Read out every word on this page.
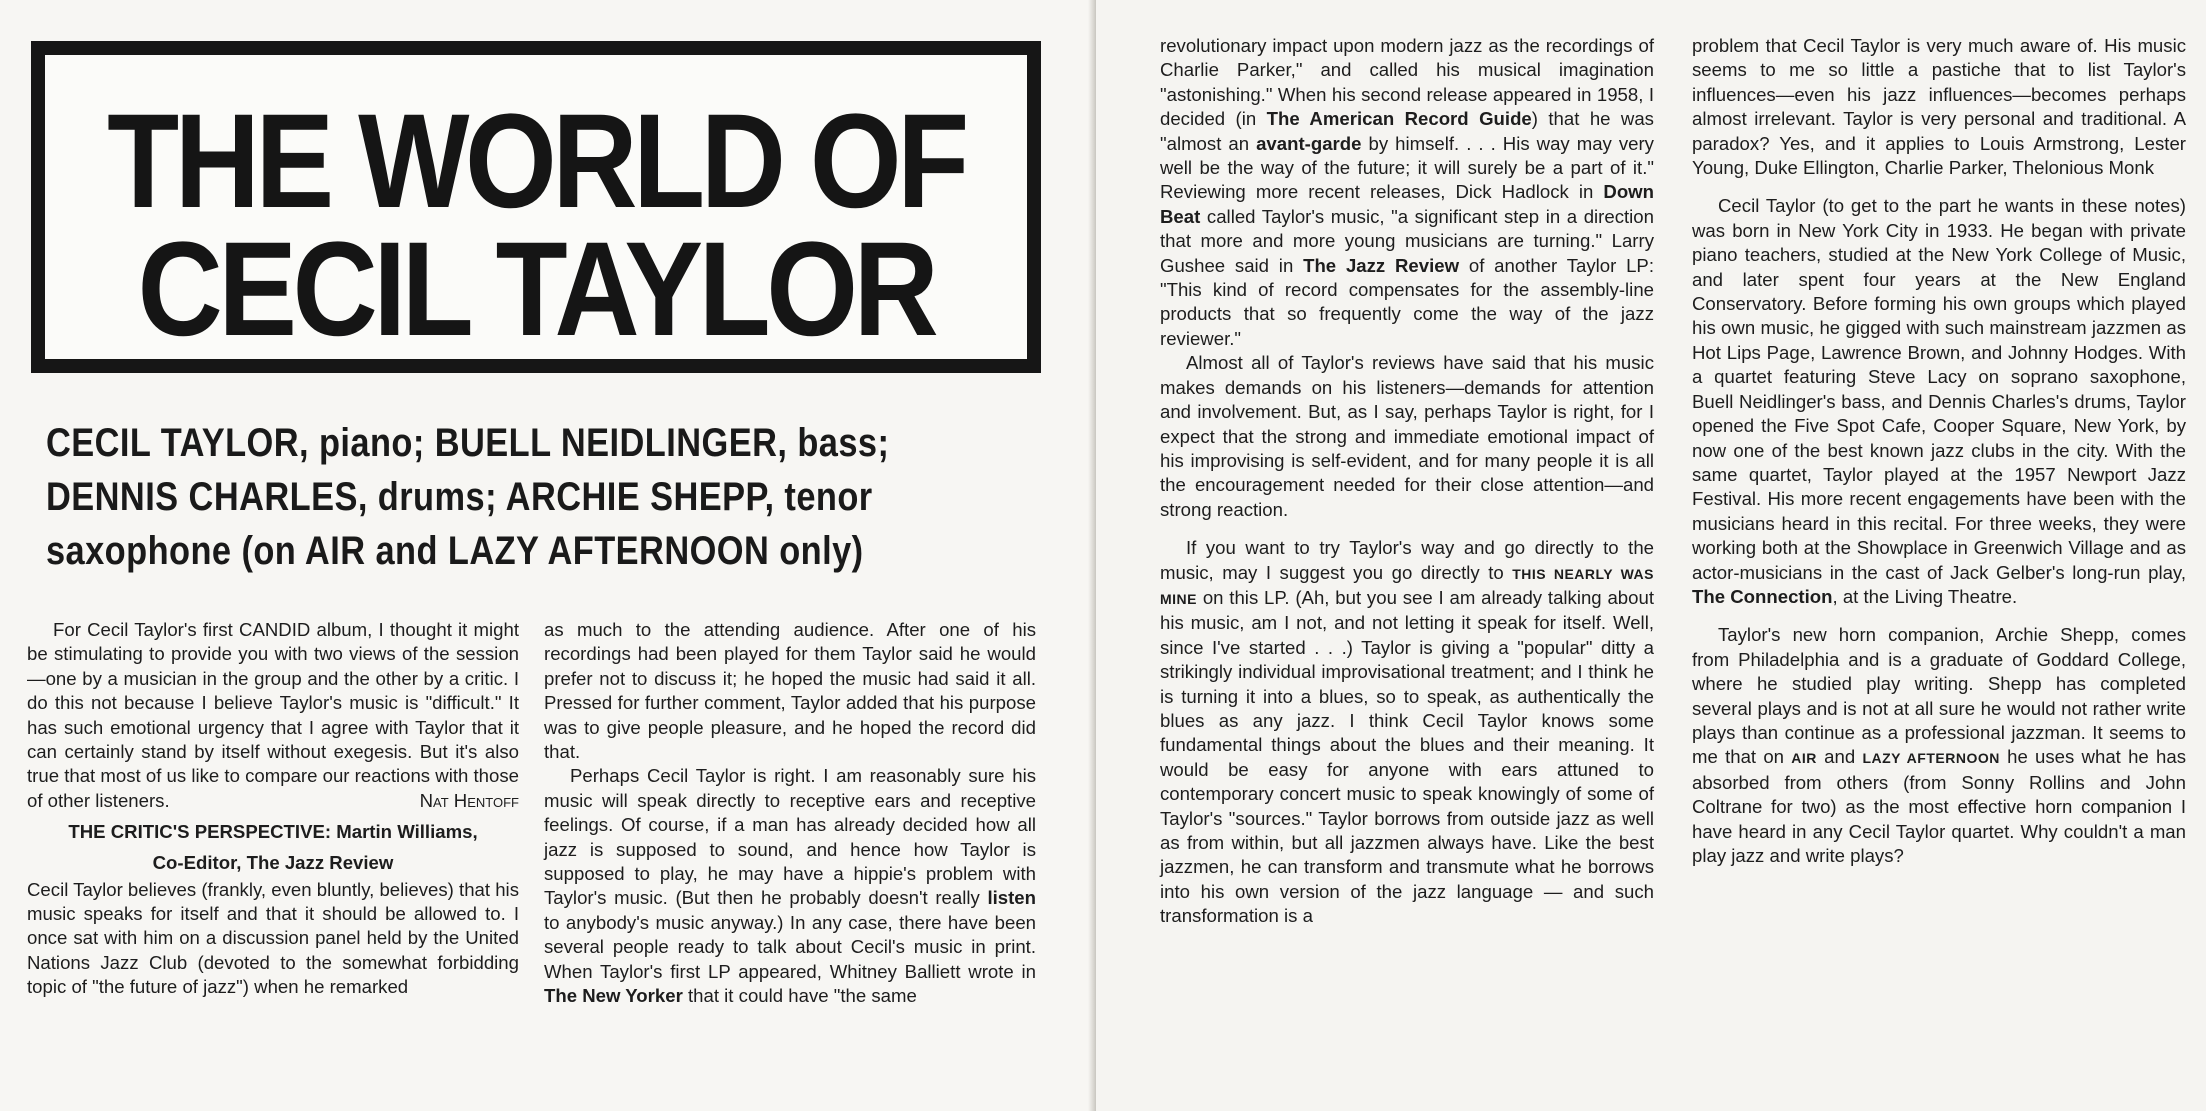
THE WORLD OF
CECIL TAYLOR
CECIL TAYLOR, piano; BUELL NEIDLINGER, bass;
DENNIS CHARLES, drums; ARCHIE SHEPP, tenor
saxophone (on AIR and LAZY AFTERNOON only)

For Cecil Taylor's first CANDID album, I thought it might be stimulating to provide you with two views of the session—one by a musician in the group and the other by a critic. I do this not because I believe Taylor's music is "difficult." It has such emotional urgency that I agree with Taylor that it can certainly stand by itself without exegesis. But it's also true that most of us like to compare our reactions with those of other listeners.	Nat Hentoff
THE CRITIC'S PERSPECTIVE: Martin Williams,
Co-Editor, The Jazz Review

Cecil Taylor believes (frankly, even bluntly, believes) that his music speaks for itself and that it should be allowed to. I once sat with him on a discussion panel held by the United Nations Jazz Club (devoted to the somewhat forbidding topic of "the future of jazz") when he remarked

as much to the attending audience. After one of his recordings had been played for them Taylor said he would prefer not to discuss it; he hoped the music had said it all. Pressed for further comment, Taylor added that his purpose was to give people pleasure, and he hoped the record did that.

Perhaps Cecil Taylor is right. I am reasonably sure his music will speak directly to receptive ears and receptive feelings. Of course, if a man has already decided how all jazz is supposed to sound, and hence how Taylor is supposed to play, he may have a hippie's problem with Taylor's music. (But then he probably doesn't really listen to anybody's music anyway.) In any case, there have been several people ready to talk about Cecil's music in print. When Taylor's first LP appeared, Whitney Balliett wrote in The New Yorker that it could have "the same

revolutionary impact upon modern jazz as the recordings of Charlie Parker," and called his musical imagination "astonishing." When his second release appeared in 1958, I decided (in The American Record Guide) that he was "almost an avant-garde by himself. . . . His way may very well be the way of the future; it will surely be a part of it." Reviewing more recent releases, Dick Hadlock in Down Beat called Taylor's music, "a significant step in a direction that more and more young musicians are turning." Larry Gushee said in The Jazz Review of another Taylor LP: "This kind of record compensates for the assembly-line products that so frequently come the way of the jazz reviewer."

Almost all of Taylor's reviews have said that his music makes demands on his listeners—demands for attention and involvement. But, as I say, perhaps Taylor is right, for I expect that the strong and immediate emotional impact of his improvising is self-evident, and for many people it is all the encouragement needed for their close attention—and strong reaction.

If you want to try Taylor's way and go directly to the music, may I suggest you go directly to THIS NEARLY WAS MINE on this LP. (Ah, but you see I am already talking about his music, am I not, and not letting it speak for itself. Well, since I've started . . .) Taylor is giving a "popular" ditty a strikingly individual improvisational treatment; and I think he is turning it into a blues, so to speak, as authentically the blues as any jazz. I think Cecil Taylor knows some fundamental things about the blues and their meaning. It would be easy for anyone with ears attuned to contemporary concert music to speak knowingly of some of Taylor's "sources." Taylor borrows from outside jazz as well as from within, but all jazzmen always have. Like the best jazzmen, he can transform and transmute what he borrows into his own version of the jazz language — and such transformation is a

problem that Cecil Taylor is very much aware of. His music seems to me so little a pastiche that to list Taylor's influences—even his jazz influences—becomes perhaps almost irrelevant. Taylor is very personal and traditional. A paradox? Yes, and it applies to Louis Armstrong, Lester Young, Duke Ellington, Charlie Parker, Thelonious Monk

Cecil Taylor (to get to the part he wants in these notes) was born in New York City in 1933. He began with private piano teachers, studied at the New York College of Music, and later spent four years at the New England Conservatory. Before forming his own groups which played his own music, he gigged with such mainstream jazzmen as Hot Lips Page, Lawrence Brown, and Johnny Hodges. With a quartet featuring Steve Lacy on soprano saxophone, Buell Neidlinger's bass, and Dennis Charles's drums, Taylor opened the Five Spot Cafe, Cooper Square, New York, by now one of the best known jazz clubs in the city. With the same quartet, Taylor played at the 1957 Newport Jazz Festival. His more recent engagements have been with the musicians heard in this recital. For three weeks, they were working both at the Showplace in Greenwich Village and as actor-musicians in the cast of Jack Gelber's long-run play, The Connection, at the Living Theatre.

Taylor's new horn companion, Archie Shepp, comes from Philadelphia and is a graduate of Goddard College, where he studied play writing. Shepp has completed several plays and is not at all sure he would not rather write plays than continue as a professional jazzman. It seems to me that on AIR and LAZY AFTERNOON he uses what he has absorbed from others (from Sonny Rollins and John Coltrane for two) as the most effective horn companion I have heard in any Cecil Taylor quartet. Why couldn't a man play jazz and write plays?
